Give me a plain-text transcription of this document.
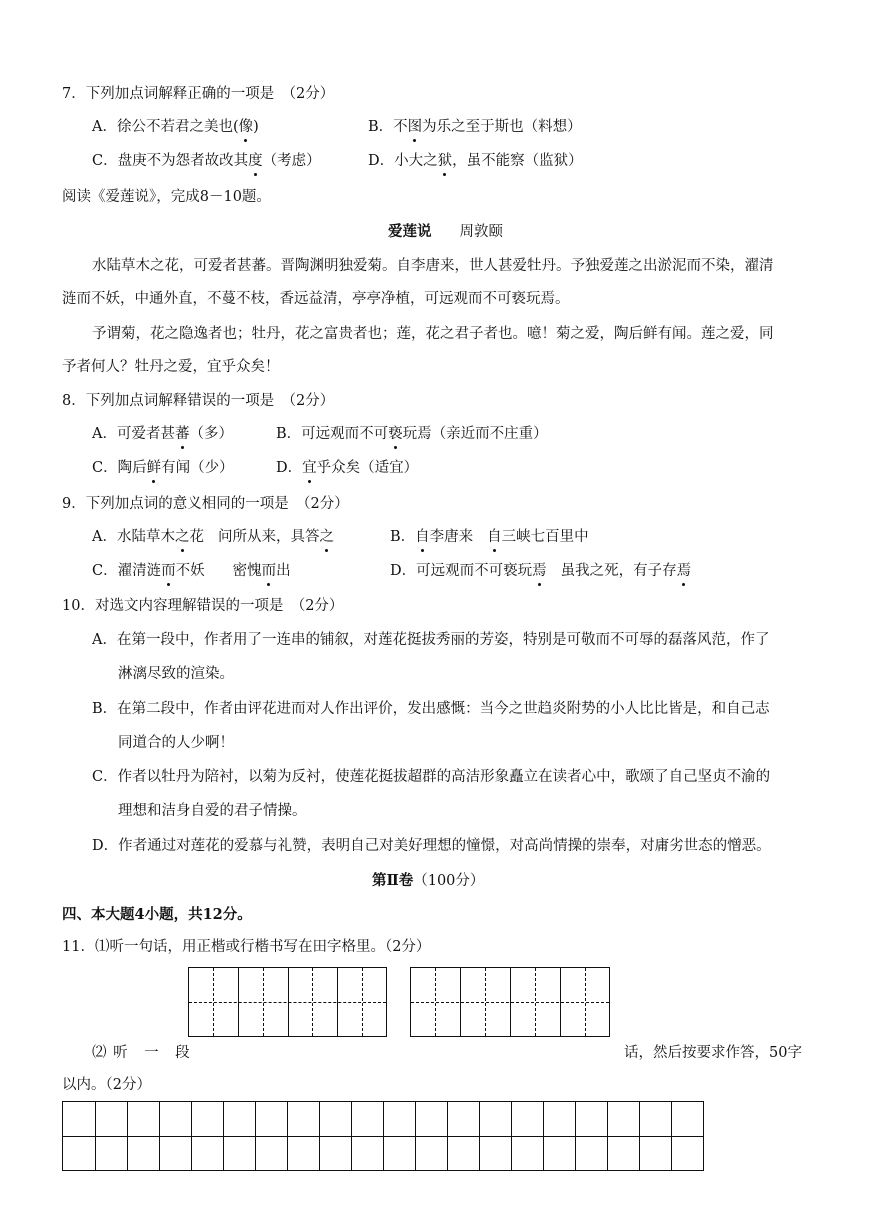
7．下列加点词解释正确的一项是　（2分）
A．徐公不若君之美也(像)	B．不图为乐之至于斯也（料想）
C．盘庚不为怨者故改其度（考虑）	D．小大之狱，虽不能察（监狱）
阅读《爱莲说》，完成8－10题。
爱莲说 周敦颐
水陆草木之花，可爱者甚蕃。晋陶渊明独爱菊。自李唐来，世人甚爱牡丹。予独爱莲之出淤泥而不染，濯清
涟而不妖，中通外直，不蔓不枝，香远益清，亭亭净植，可远观而不可亵玩焉。
予谓菊，花之隐逸者也；牡丹，花之富贵者也；莲，花之君子者也。噫！菊之爱，陶后鲜有闻。莲之爱，同
予者何人？牡丹之爱，宜乎众矣！
8．下列加点词解释错误的一项是　（2分）
A．可爱者甚蕃（多）	B．可远观而不可亵玩焉（亲近而不庄重）
C．陶后鲜有闻（少）	D．宜乎众矣（适宜）
9．下列加点词的意义相同的一项是　（2分）
A．水陆草木之花 问所从来，具答之	B．自李唐来 自三峡七百里中
C．濯清涟而不妖 密愧而出	D．可远观而不可亵玩焉 虽我之死，有子存焉
10．对选文内容理解错误的一项是　（2分）
A．在第一段中，作者用了一连串的铺叙，对莲花挺拔秀丽的芳姿，特别是可敬而不可辱的磊落风范，作了
淋漓尽致的渲染。
B．在第二段中，作者由评花进而对人作出评价，发出感慨：当今之世趋炎附势的小人比比皆是，和自己志
同道合的人少啊！
C．作者以牡丹为陪衬，以菊为反衬，使莲花挺拔超群的高洁形象矗立在读者心中，歌颂了自己坚贞不渝的
理想和洁身自爱的君子情操。
D．作者通过对莲花的爱慕与礼赞，表明自己对美好理想的憧憬，对高尚情操的崇奉，对庸劣世态的憎恶。
第Ⅱ卷（100分）
四、本大题4小题，共12分。
11．⑴听一句话，用正楷或行楷书写在田字格里。（2分）
⑵ 听　一　段	话，然后按要求作答，50字
以内。（2分）
